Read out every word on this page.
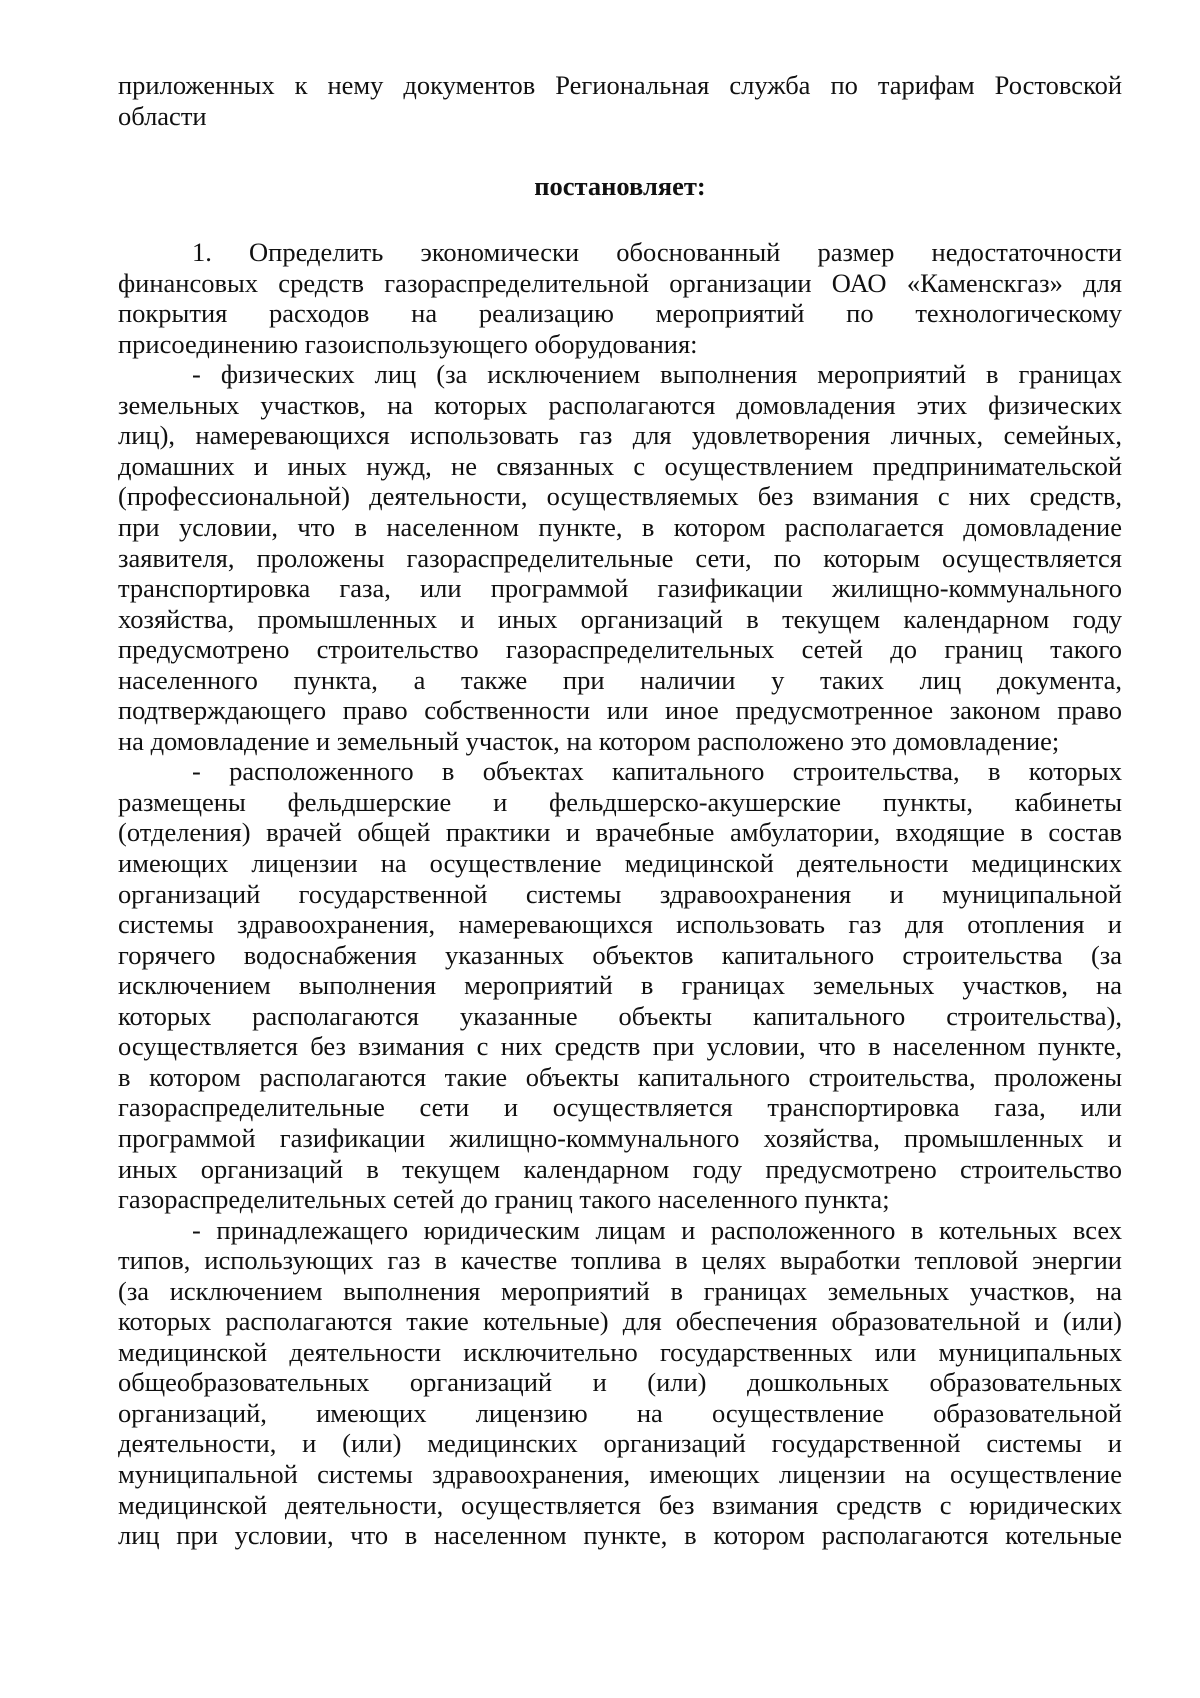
приложенных к нему документов Региональная служба по тарифам Ростовской
области
постановляет:
1. Определить экономически обоснованный размер недостаточности
финансовых средств газораспределительной организации ОАО «Каменскгаз» для
покрытия расходов на реализацию мероприятий по технологическому
присоединению газоиспользующего оборудования:
- физических лиц (за исключением выполнения мероприятий в границах
земельных участков, на которых располагаются домовладения этих физических
лиц), намеревающихся использовать газ для удовлетворения личных, семейных,
домашних и иных нужд, не связанных с осуществлением предпринимательской
(профессиональной) деятельности, осуществляемых без взимания с них средств,
при условии, что в населенном пункте, в котором располагается домовладение
заявителя, проложены газораспределительные сети, по которым осуществляется
транспортировка газа, или программой газификации жилищно-коммунального
хозяйства, промышленных и иных организаций в текущем календарном году
предусмотрено строительство газораспределительных сетей до границ такого
населенного пункта, а также при наличии у таких лиц документа,
подтверждающего право собственности или иное предусмотренное законом право
на домовладение и земельный участок, на котором расположено это домовладение;
- расположенного в объектах капитального строительства, в которых
размещены фельдшерские и фельдшерско-акушерские пункты, кабинеты
(отделения) врачей общей практики и врачебные амбулатории, входящие в состав
имеющих лицензии на осуществление медицинской деятельности медицинских
организаций государственной системы здравоохранения и муниципальной
системы здравоохранения, намеревающихся использовать газ для отопления и
горячего водоснабжения указанных объектов капитального строительства (за
исключением выполнения мероприятий в границах земельных участков, на
которых располагаются указанные объекты капитального строительства),
осуществляется без взимания с них средств при условии, что в населенном пункте,
в котором располагаются такие объекты капитального строительства, проложены
газораспределительные сети и осуществляется транспортировка газа, или
программой газификации жилищно-коммунального хозяйства, промышленных и
иных организаций в текущем календарном году предусмотрено строительство
газораспределительных сетей до границ такого населенного пункта;
- принадлежащего юридическим лицам и расположенного в котельных всех
типов, использующих газ в качестве топлива в целях выработки тепловой энергии
(за исключением выполнения мероприятий в границах земельных участков, на
которых располагаются такие котельные) для обеспечения образовательной и (или)
медицинской деятельности исключительно государственных или муниципальных
общеобразовательных организаций и (или) дошкольных образовательных
организаций, имеющих лицензию на осуществление образовательной
деятельности, и (или) медицинских организаций государственной системы и
муниципальной системы здравоохранения, имеющих лицензии на осуществление
медицинской деятельности, осуществляется без взимания средств с юридических
лиц при условии, что в населенном пункте, в котором располагаются котельные
